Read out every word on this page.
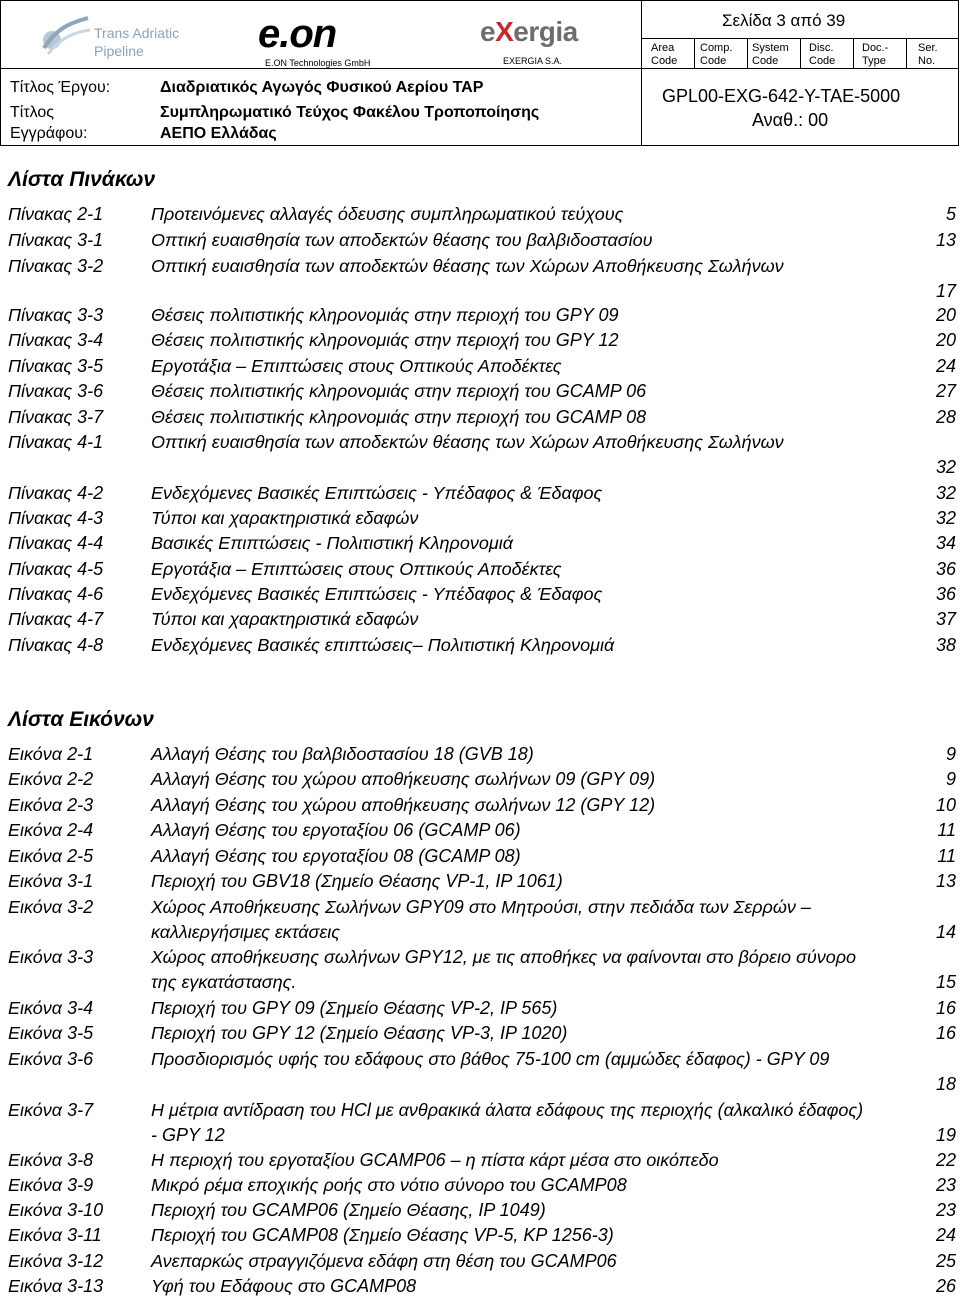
Trans Adriatic
Pipeline	e.on
E.ON Technologies GmbH
eXergia
EXERGIA S.A.
Σελίδα 3 από 39
Area
Code
Comp.
Code
System
Code
Disc.
Code
Doc.-
Type
Ser.
No.
Τίτλος Έργου:	Διαδριατικός Αγωγός Φυσικού Αερίου TAP
Τίτλος
Εγγράφου:
Συμπληρωματικό Τεύχος Φακέλου Τροποποίησης
ΑΕΠΟ Ελλάδας
GPL00-EXG-642-Y-TAE-5000
Αναθ.: 00
Λίστα Πινάκων
Πίνακας 2-1	Προτεινόμενες αλλαγές όδευσης συμπληρωματικού τεύχους	5
Πίνακας 3-1	Οπτική ευαισθησία των αποδεκτών θέασης του βαλβιδοστασίου	13
Πίνακας 3-2	Οπτική ευαισθησία των αποδεκτών θέασης των Χώρων Αποθήκευσης Σωλήνων
17
Πίνακας 3-3	Θέσεις πολιτιστικής κληρονομιάς στην περιοχή του GPY 09	20
Πίνακας 3-4	Θέσεις πολιτιστικής κληρονομιάς στην περιοχή του GPY 12	20
Πίνακας 3-5	Εργοτάξια – Επιπτώσεις στους Οπτικούς Αποδέκτες	24
Πίνακας 3-6	Θέσεις πολιτιστικής κληρονομιάς στην περιοχή του GCAMP 06	27
Πίνακας 3-7	Θέσεις πολιτιστικής κληρονομιάς στην περιοχή του GCAMP 08	28
Πίνακας 4-1	Οπτική ευαισθησία των αποδεκτών θέασης των Χώρων Αποθήκευσης Σωλήνων
32
Πίνακας 4-2	Ενδεχόμενες Βασικές Επιπτώσεις - Υπέδαφος & Έδαφος	32
Πίνακας 4-3	Τύποι και χαρακτηριστικά εδαφών	32
Πίνακας 4-4	Βασικές Επιπτώσεις - Πολιτιστική Κληρονομιά	34
Πίνακας 4-5	Εργοτάξια – Επιπτώσεις στους Οπτικούς Αποδέκτες	36
Πίνακας 4-6	Ενδεχόμενες Βασικές Επιπτώσεις - Υπέδαφος & Έδαφος	36
Πίνακας 4-7	Τύποι και χαρακτηριστικά εδαφών	37
Πίνακας 4-8	Ενδεχόμενες Βασικές επιπτώσεις– Πολιτιστική Κληρονομιά	38
Λίστα Εικόνων
Εικόνα 2-1	Αλλαγή Θέσης του βαλβιδοστασίου 18 (GVB 18)	9
Εικόνα 2-2	Αλλαγή Θέσης του χώρου αποθήκευσης σωλήνων 09 (GPY 09)	9
Εικόνα 2-3	Αλλαγή Θέσης του χώρου αποθήκευσης σωλήνων 12 (GPY 12)	10
Εικόνα 2-4	Αλλαγή Θέσης του εργοταξίου 06 (GCAMP 06)	11
Εικόνα 2-5	Αλλαγή Θέσης του εργοταξίου 08 (GCAMP 08)	11
Εικόνα 3-1	Περιοχή του GBV18 (Σημείο Θέασης VP-1, IP 1061)	13
Εικόνα 3-2	Χώρος Αποθήκευσης Σωλήνων GPY09 στο Μητρούσι, στην πεδιάδα των Σερρών – καλλιεργήσιμες εκτάσεις	14
Εικόνα 3-3	Χώρος αποθήκευσης σωλήνων GPY12, με τις αποθήκες να φαίνονται στο βόρειο σύνορο της εγκατάστασης.	15
Εικόνα 3-4	Περιοχή του GPY 09 (Σημείο Θέασης VP-2, IP 565)	16
Εικόνα 3-5	Περιοχή του GPY 12 (Σημείο Θέασης VP-3, IP 1020)	16
Εικόνα 3-6	Προσδιορισμός υφής του εδάφους στο βάθος 75-100 cm (αμμώδες έδαφος) - GPY 09
18
Εικόνα 3-7	Η μέτρια αντίδραση του HCl με ανθρακικά άλατα εδάφους της περιοχής (αλκαλικό έδαφος) - GPY 12	19
Εικόνα 3-8	Η περιοχή του εργοταξίου GCAMP06 – η πίστα κάρτ μέσα στο οικόπεδο	22
Εικόνα 3-9	Μικρό ρέμα εποχικής ροής στο νότιο σύνορο του GCAMP08	23
Εικόνα 3-10	Περιοχή του GCAMP06 (Σημείο Θέασης, IP 1049)	23
Εικόνα 3-11	Περιοχή του GCAMP08 (Σημείο Θέασης VP-5, KP 1256-3)	24
Εικόνα 3-12	Ανεπαρκώς στραγγιζόμενα εδάφη στη θέση του GCAMP06	25
Εικόνα 3-13	Υφή του Εδάφους στο GCAMP08	26
